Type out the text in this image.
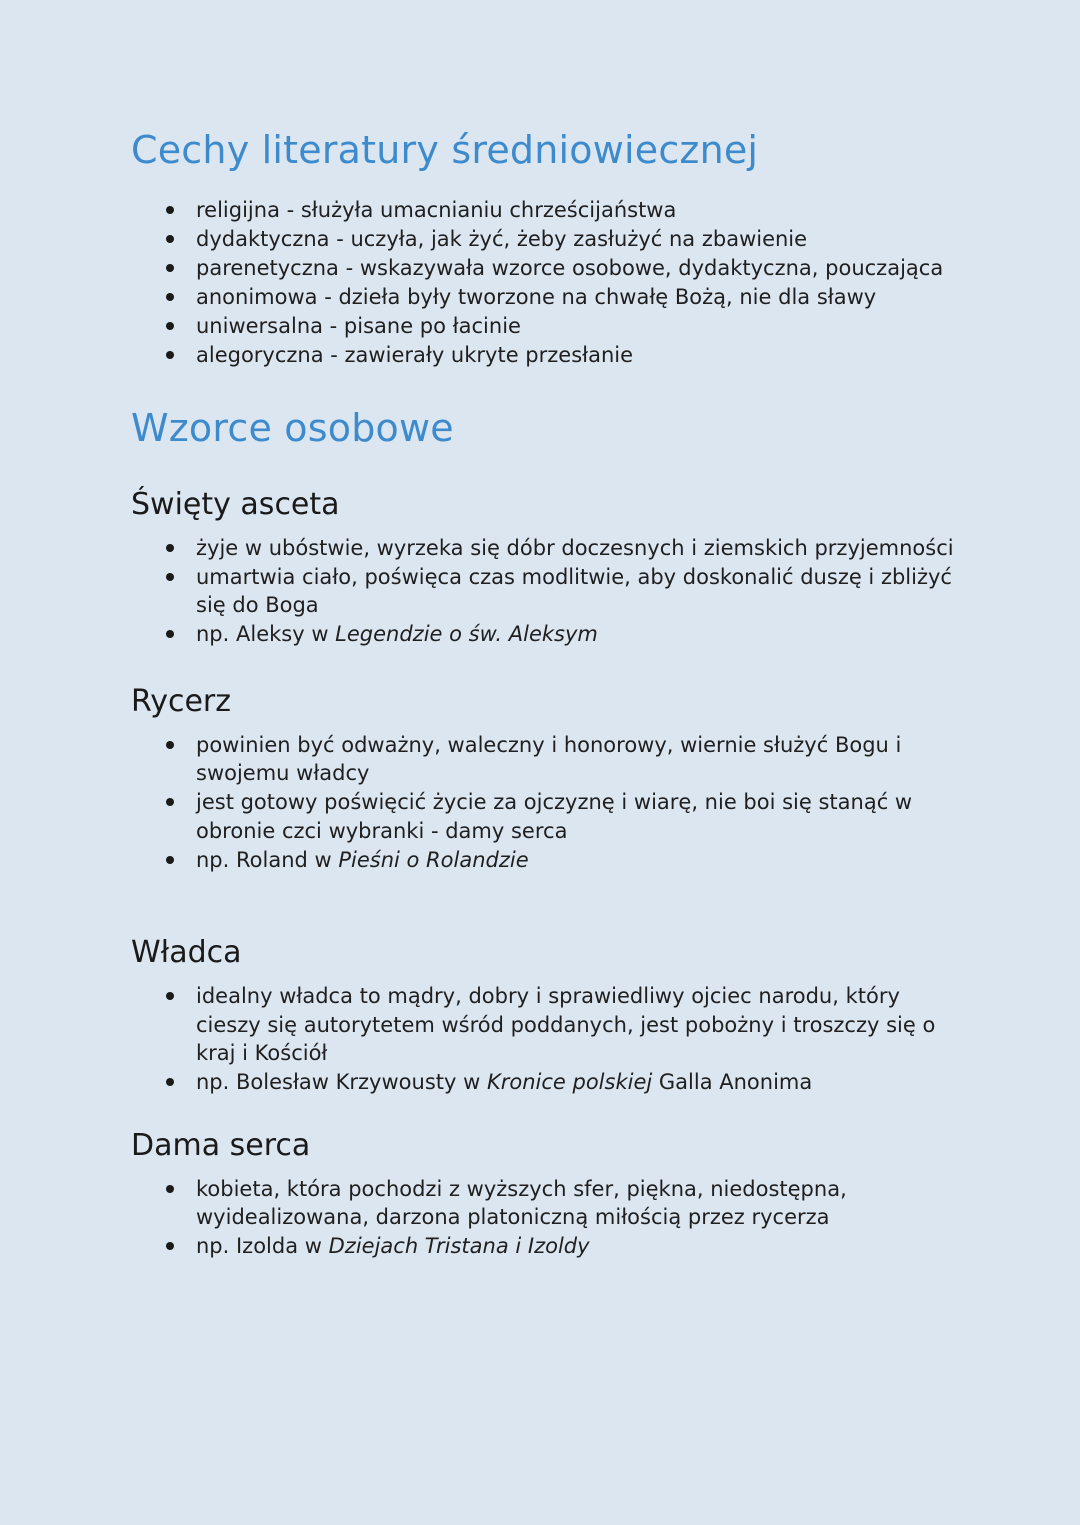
Cechy literatury średniowiecznej
religijna - służyła umacnianiu chrześcijaństwa
dydaktyczna - uczyła, jak żyć, żeby zasłużyć na zbawienie
parenetyczna - wskazywała wzorce osobowe, dydaktyczna, pouczająca
anonimowa - dzieła były tworzone na chwałę Bożą, nie dla sławy
uniwersalna - pisane po łacinie
alegoryczna - zawierały ukryte przesłanie
Wzorce osobowe
Święty asceta
żyje w ubóstwie, wyrzeka się dóbr doczesnych i ziemskich przyjemności
umartwia ciało, poświęca czas modlitwie, aby doskonalić duszę i zbliżyć się do Boga
np. Aleksy w Legendzie o św. Aleksym
Rycerz
powinien być odważny, waleczny i honorowy, wiernie służyć Bogu i swojemu władcy
jest gotowy poświęcić życie za ojczyznę i wiarę, nie boi się stanąć w obronie czci wybranki - damy serca
np. Roland w Pieśni o Rolandzie
Władca
idealny władca to mądry, dobry i sprawiedliwy ojciec narodu, który cieszy się autorytetem wśród poddanych, jest pobożny i troszczy się o kraj i Kościół
np. Bolesław Krzywousty w Kronice polskiej Galla Anonima
Dama serca
kobieta, która pochodzi z wyższych sfer, piękna, niedostępna, wyidealizowana, darzona platoniczną miłością przez rycerza
np. Izolda w Dziejach Tristana i Izoldy
